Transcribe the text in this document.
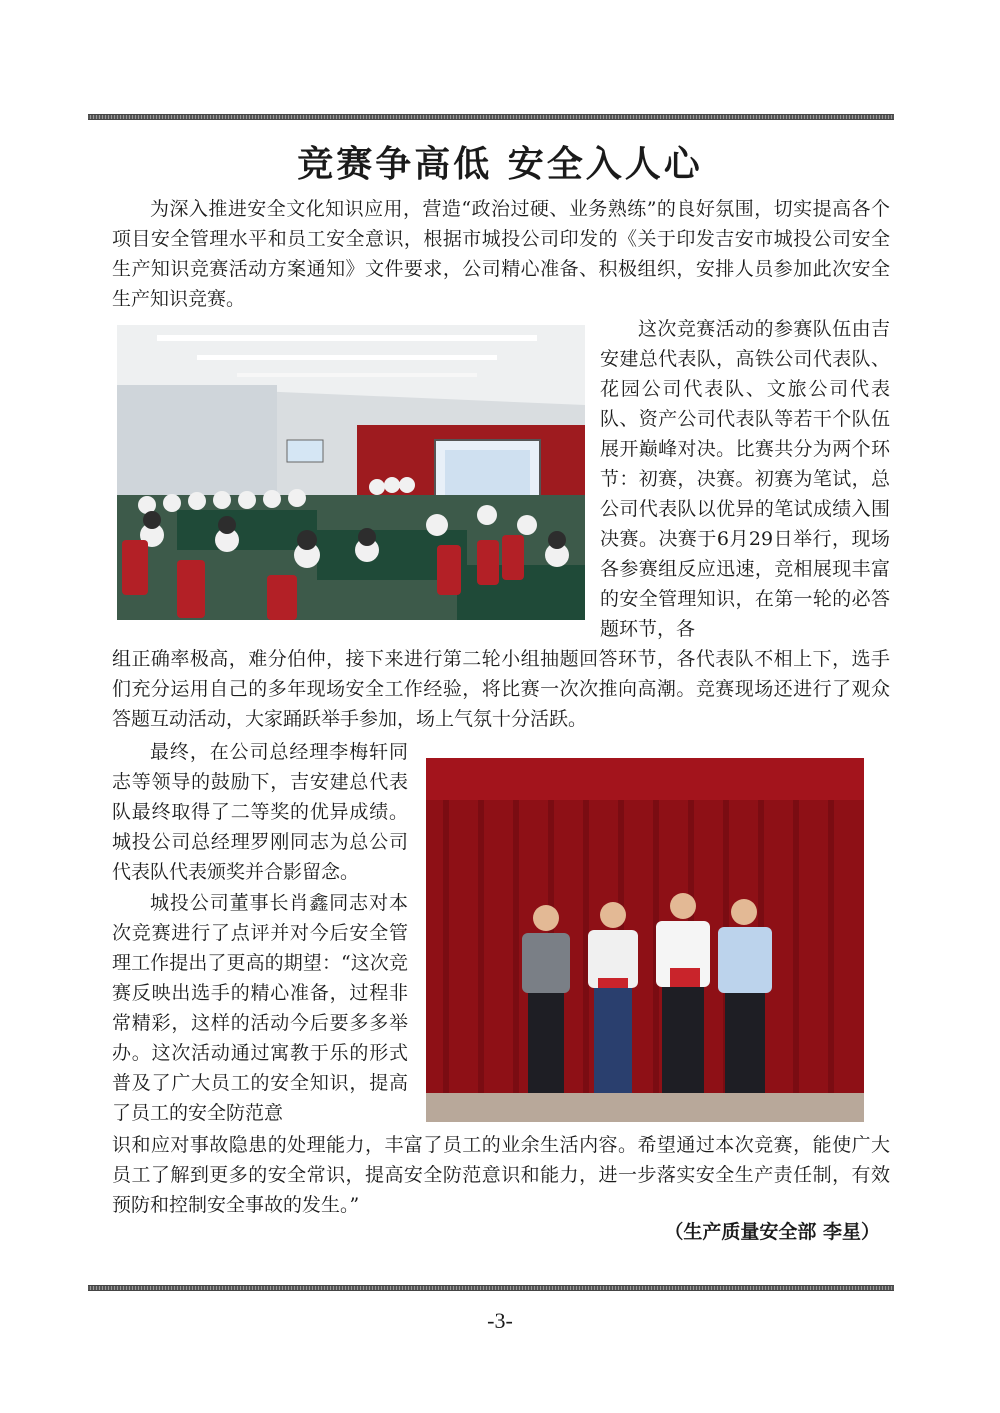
竞赛争高低 安全入人心

为深入推进安全文化知识应用，营造“政治过硬、业务熟练”的良好氛围，切实提高各个项目安全管理水平和员工安全意识，根据市城投公司印发的《关于印发吉安市城投公司安全生产知识竞赛活动方案通知》文件要求，公司精心准备、积极组织，安排人员参加此次安全生产知识竞赛。

这次竞赛活动的参赛队伍由吉安建总代表队，高铁公司代表队、花园公司代表队、文旅公司代表队、资产公司代表队等若干个队伍展开巅峰对决。比赛共分为两个环节：初赛，决赛。初赛为笔试，总公司代表队以优异的笔试成绩入围决赛。决赛于6月29日举行，现场各参赛组反应迅速，竞相展现丰富的安全管理知识，在第一轮的必答题环节，各

组正确率极高，难分伯仲，接下来进行第二轮小组抽题回答环节，各代表队不相上下，选手们充分运用自己的多年现场安全工作经验，将比赛一次次推向高潮。竞赛现场还进行了观众答题互动活动，大家踊跃举手参加，场上气氛十分活跃。

最终，在公司总经理李梅轩同志等领导的鼓励下，吉安建总代表队最终取得了二等奖的优异成绩。城投公司总经理罗刚同志为总公司代表队代表颁奖并合影留念。

城投公司董事长肖鑫同志对本次竞赛进行了点评并对今后安全管理工作提出了更高的期望：“这次竞赛反映出选手的精心准备，过程非常精彩，这样的活动今后要多多举办。这次活动通过寓教于乐的形式普及了广大员工的安全知识，提高了员工的安全防范意

识和应对事故隐患的处理能力，丰富了员工的业余生活内容。希望通过本次竞赛，能使广大员工了解到更多的安全常识，提高安全防范意识和能力，进一步落实安全生产责任制，有效预防和控制安全事故的发生。”

（生产质量安全部 李星）
-3-
